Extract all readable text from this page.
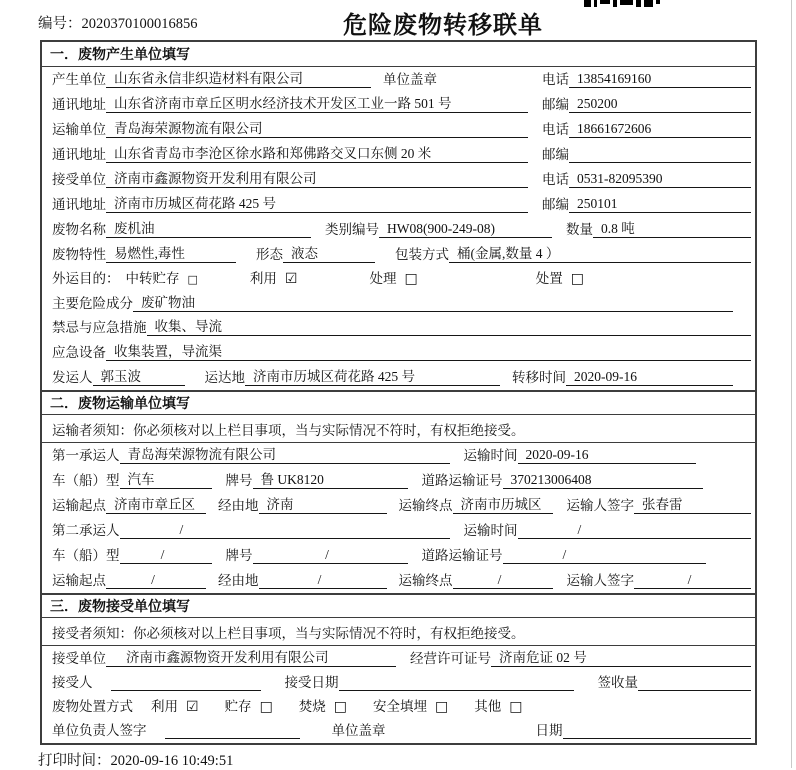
编号：2020370100016856	危险废物转移联单
一．废物产生单位填写
产生单位 山东省永信非织造材料有限公司	单位盖章	电话 13854169160
通讯地址 山东省济南市章丘区明水经济技术开发区工业一路 501 号	邮编 250200
运输单位 青岛海荣源物流有限公司	电话 18661672606
通讯地址 山东省青岛市李沧区徐水路和郑佛路交叉口东侧 20 米	邮编
接受单位 济南市鑫源物资开发利用有限公司	电话 0531-82095390
通讯地址 济南市历城区荷花路 425 号	邮编 250101
废物名称 废机油	类别编号 HW08(900-249-08)	数量 0.8 吨
废物特性 易燃性,毒性	形态 液态	包装方式 桶(金属,数量 4 ）
外运目的： 中转贮存 □	利用 ☑	处理 □	处置 □
主要危险成分 废矿物油
禁忌与应急措施 收集、导流
应急设备 收集装置，导流渠
发运人 郭玉波	运达地 济南市历城区荷花路 425 号	转移时间 2020-09-16
二．废物运输单位填写
运输者须知：你必须核对以上栏目事项，当与实际情况不符时，有权拒绝接受。
第一承运人 青岛海荣源物流有限公司	运输时间 2020-09-16
车（船）型 汽车	牌号 鲁 UK8120	道路运输证号 370213006408
运输起点 济南市章丘区	经由地 济南	运输终点 济南市历城区	运输人签字 张春雷
第二承运人	/	运输时间	/
车（船）型	/	牌号	/	道路运输证号	/
运输起点	/	经由地	/	运输终点	/	运输人签字	/
三．废物接受单位填写
接受者须知：你必须核对以上栏目事项，当与实际情况不符时，有权拒绝接受。
接受单位	济南市鑫源物资开发利用有限公司	经营许可证号 济南危证 02 号
接受人	接受日期	签收量
废物处置方式 利用 ☑ 贮存 □ 焚烧 □ 安全填埋 □ 其他 □
单位负责人签字	单位盖章	日期
打印时间：2020-09-16 10:49:51
